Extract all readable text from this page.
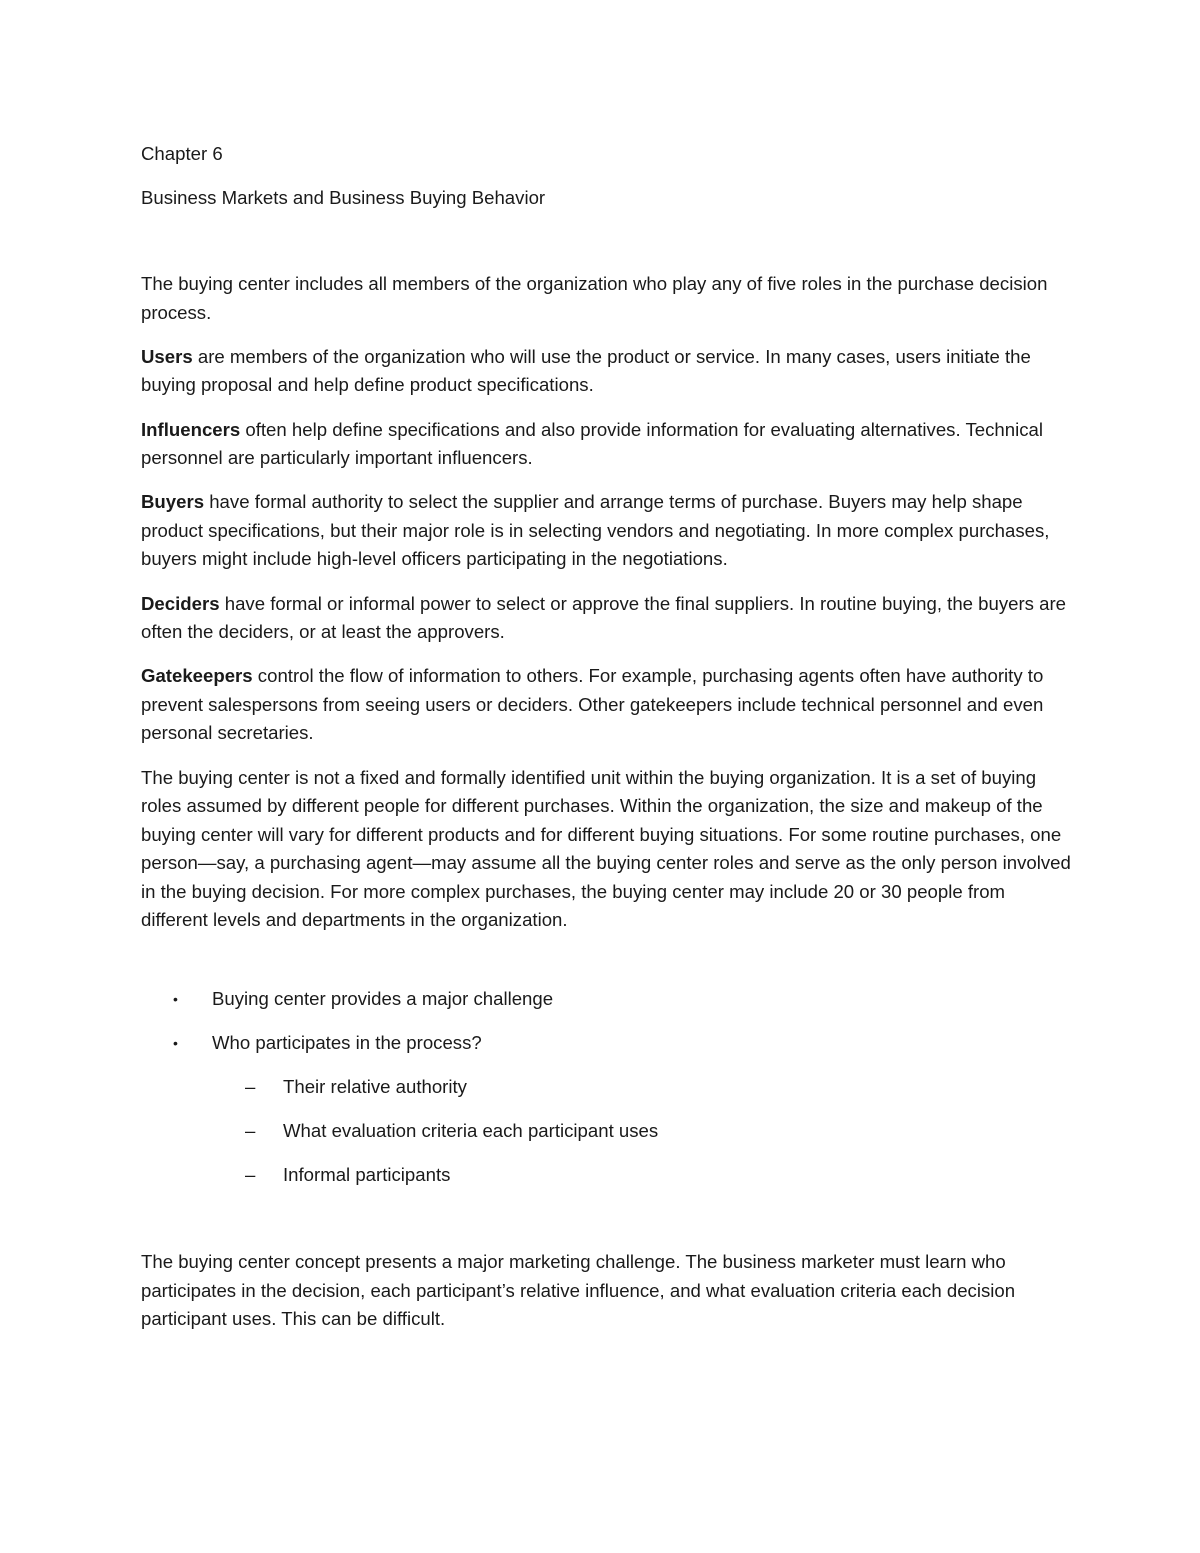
Chapter 6

Business Markets and Business Buying Behavior

The buying center includes all members of the organization who play any of five roles in the purchase decision process.

Users are members of the organization who will use the product or service. In many cases, users initiate the buying proposal and help define product specifications.

Influencers often help define specifications and also provide information for evaluating alternatives. Technical personnel are particularly important influencers.

Buyers have formal authority to select the supplier and arrange terms of purchase. Buyers may help shape product specifications, but their major role is in selecting vendors and negotiating. In more complex purchases, buyers might include high-level officers participating in the negotiations.

Deciders have formal or informal power to select or approve the final suppliers. In routine buying, the buyers are often the deciders, or at least the approvers.

Gatekeepers control the flow of information to others. For example, purchasing agents often have authority to prevent salespersons from seeing users or deciders. Other gatekeepers include technical personnel and even personal secretaries.

The buying center is not a fixed and formally identified unit within the buying organization. It is a set of buying roles assumed by different people for different purchases. Within the organization, the size and makeup of the buying center will vary for different products and for different buying situations. For some routine purchases, one person—say, a purchasing agent—may assume all the buying center roles and serve as the only person involved in the buying decision. For more complex purchases, the buying center may include 20 or 30 people from different levels and departments in the organization.

• Buying center provides a major challenge
• Who participates in the process?
– Their relative authority
– What evaluation criteria each participant uses
– Informal participants

The buying center concept presents a major marketing challenge. The business marketer must learn who participates in the decision, each participant’s relative influence, and what evaluation criteria each decision participant uses. This can be difficult.
